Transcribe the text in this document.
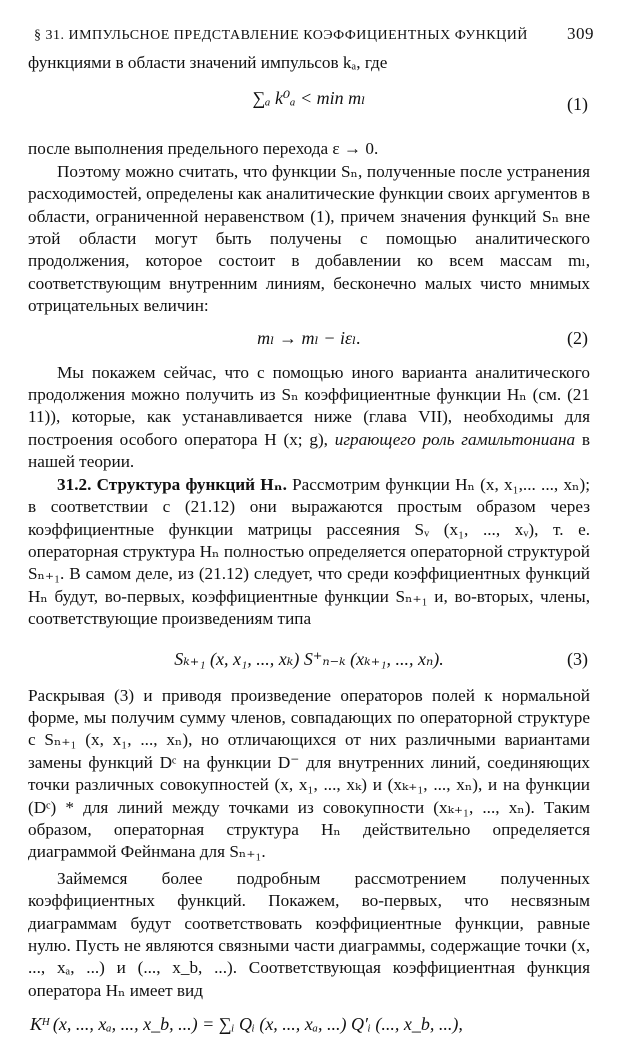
§ 31. ИМПУЛЬСНОЕ ПРЕДСТАВЛЕНИЕ КОЭФФИЦИЕНТНЫХ ФУНКЦИЙ 309

функциями в области значений импульсов kₐ, где

∑ₐ k⁰ₐ < min mₗ	(1)

после выполнения предельного перехода ε → 0.

Поэтому можно считать, что функции Sₙ, полученные после устранения расходимостей, определены как аналитические функции своих аргументов в области, ограниченной неравенством (1), причем значения функций Sₙ вне этой области могут быть получены с помощью аналитического продолжения, которое состоит в добавлении ко всем массам mₗ, соответствующим внутренним линиям, бесконечно малых чисто мнимых отрицательных величин:

mₗ → mₗ − iεₗ.	(2)

Мы покажем сейчас, что с помощью иного варианта аналитического продолжения можно получить из Sₙ коэффициентные функции Hₙ (см. (21 11)), которые, как устанавливается ниже (глава VII), необходимы для построения особого оператора H (x; g), играющего роль гамильтониана в нашей теории.

31.2. Структура функций Hₙ. Рассмотрим функции Hₙ (x, x₁,... ..., xₙ); в соответствии с (21.12) они выражаются простым образом через коэффициентные функции матрицы рассеяния Sᵥ (x₁, ..., xᵥ), т. е. операторная структура Hₙ полностью определяется операторной структурой Sₙ₊₁. В самом деле, из (21.12) следует, что среди коэффициентных функций Hₙ будут, во-первых, коэффициентные функции Sₙ₊₁ и, во-вторых, члены, соответствующие произведениям типа

Sₖ₊₁ (x, x₁, ..., xₖ) S⁺ₙ₋ₖ (xₖ₊₁, ..., xₙ).	(3)

Раскрывая (3) и приводя произведение операторов полей к нормальной форме, мы получим сумму членов, совпадающих по операторной структуре с Sₙ₊₁ (x, x₁, ..., xₙ), но отличающихся от них различными вариантами замены функций Dᶜ на функции D⁻ для внутренних линий, соединяющих точки различных совокупностей (x, x₁, ..., xₖ) и (xₖ₊₁, ..., xₙ), и на функции (Dᶜ) * для линий между точками из совокупности (xₖ₊₁, ..., xₙ). Таким образом, операторная структура Hₙ действительно определяется диаграммой Фейнмана для Sₙ₊₁.

Займемся более подробным рассмотрением полученных коэффициентных функций. Покажем, во-первых, что несвязным диаграммам будут соответствовать коэффициентные функции, равные нулю. Пусть не являются связными части диаграммы, содержащие точки (x, ..., xₐ, ...) и (..., x_b, ...). Соответствующая коэффициентная функция оператора Hₙ имеет вид

Kᴴ (x, ..., xₐ, ..., x_b, ...) = ∑ᵢ Qᵢ (x, ..., xₐ, ...) Q′ᵢ (..., x_b, ...),
